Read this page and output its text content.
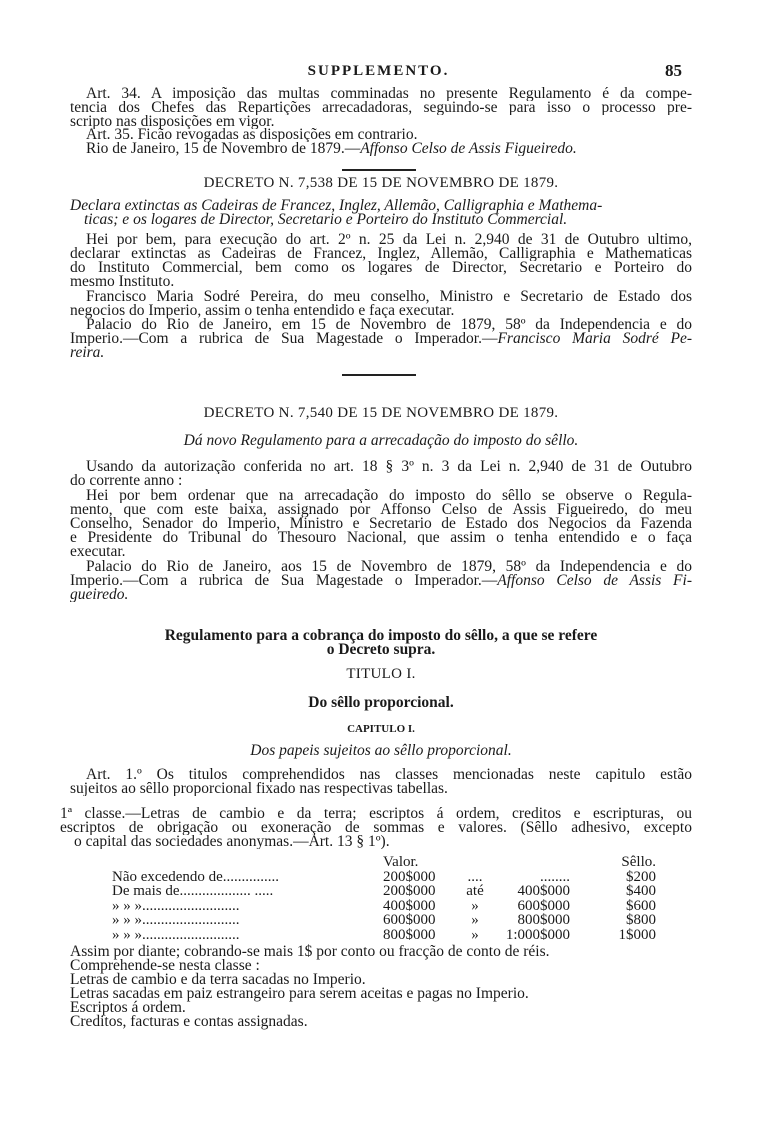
SUPPLEMENTO.	85
Art. 34. A imposição das multas comminadas no presente Regulamento é da compe-
tencia dos Chefes das Repartições arrecadadoras, seguindo-se para isso o processo pre-
scripto nas disposições em vigor.
Art. 35. Ficão revogadas as disposições em contrario.
Rio de Janeiro, 15 de Novembro de 1879.—Affonso Celso de Assis Figueiredo.
DECRETO N. 7,538 DE 15 DE NOVEMBRO DE 1879.
Declara extinctas as Cadeiras de Francez, Inglez, Allemão, Calligraphia e Mathema-
ticas; e os logares de Director, Secretario e Porteiro do Instituto Commercial.
Hei por bem, para execução do art. 2º n. 25 da Lei n. 2,940 de 31 de Outubro ultimo,
declarar extinctas as Cadeiras de Francez, Inglez, Allemão, Calligraphia e Mathematicas
do Instituto Commercial, bem como os logares de Director, Secretario e Porteiro do
mesmo Instituto.
Francisco Maria Sodré Pereira, do meu conselho, Ministro e Secretario de Estado dos
negocios do Imperio, assim o tenha entendido e faça executar.
Palacio do Rio de Janeiro, em 15 de Novembro de 1879, 58º da Independencia e do
Imperio.—Com a rubrica de Sua Magestade o Imperador.—Francisco Maria Sodré Pe-
reira.
DECRETO N. 7,540 DE 15 DE NOVEMBRO DE 1879.
Dá novo Regulamento para a arrecadação do imposto do sêllo.
Usando da autorização conferida no art. 18 § 3º n. 3 da Lei n. 2,940 de 31 de Outubro
do corrente anno :
Hei por bem ordenar que na arrecadação do imposto do sêllo se observe o Regula-
mento, que com este baixa, assignado por Affonso Celso de Assis Figueiredo, do meu
Conselho, Senador do Imperio, Ministro e Secretario de Estado dos Negocios da Fazenda
e Presidente do Tribunal do Thesouro Nacional, que assim o tenha entendido e o faça
executar.
Palacio do Rio de Janeiro, aos 15 de Novembro de 1879, 58º da Independencia e do
Imperio.—Com a rubrica de Sua Magestade o Imperador.—Affonso Celso de Assis Fi-
gueiredo.
Regulamento para a cobrança do imposto do sêllo, a que se refere
o Decreto supra.
TITULO I.
Do sêllo proporcional.
CAPITULO I.
Dos papeis sujeitos ao sêllo proporcional.
Art. 1.º Os titulos comprehendidos nas classes mencionadas neste capitulo estão
sujeitos ao sêllo proporcional fixado nas respectivas tabellas.
1ª classe.—Letras de cambio e da terra; escriptos á ordem, creditos e escripturas, ou
escriptos de obrigação ou exoneração de sommas e valores. (Sêllo adhesivo, excepto
o capital das sociedades anonymas.—Art. 13 § 1º).
Valor.	Sêllo.
Não excedendo de...............	200$000	....	........	$200
De mais de................... .....	200$000	até	400$000	$400
» » »..........................	400$000	»	600$000	$600
» » »..........................	600$000	»	800$000	$800
» » »..........................	800$000	»	1:000$000	1$000
Assim por diante; cobrando-se mais 1$ por conto ou fracção de conto de réis.
Comprehende-se nesta classe :
Letras de cambio e da terra sacadas no Imperio.
Letras sacadas em paiz estrangeiro para serem aceitas e pagas no Imperio.
Escriptos á ordem.
Creditos, facturas e contas assignadas.
